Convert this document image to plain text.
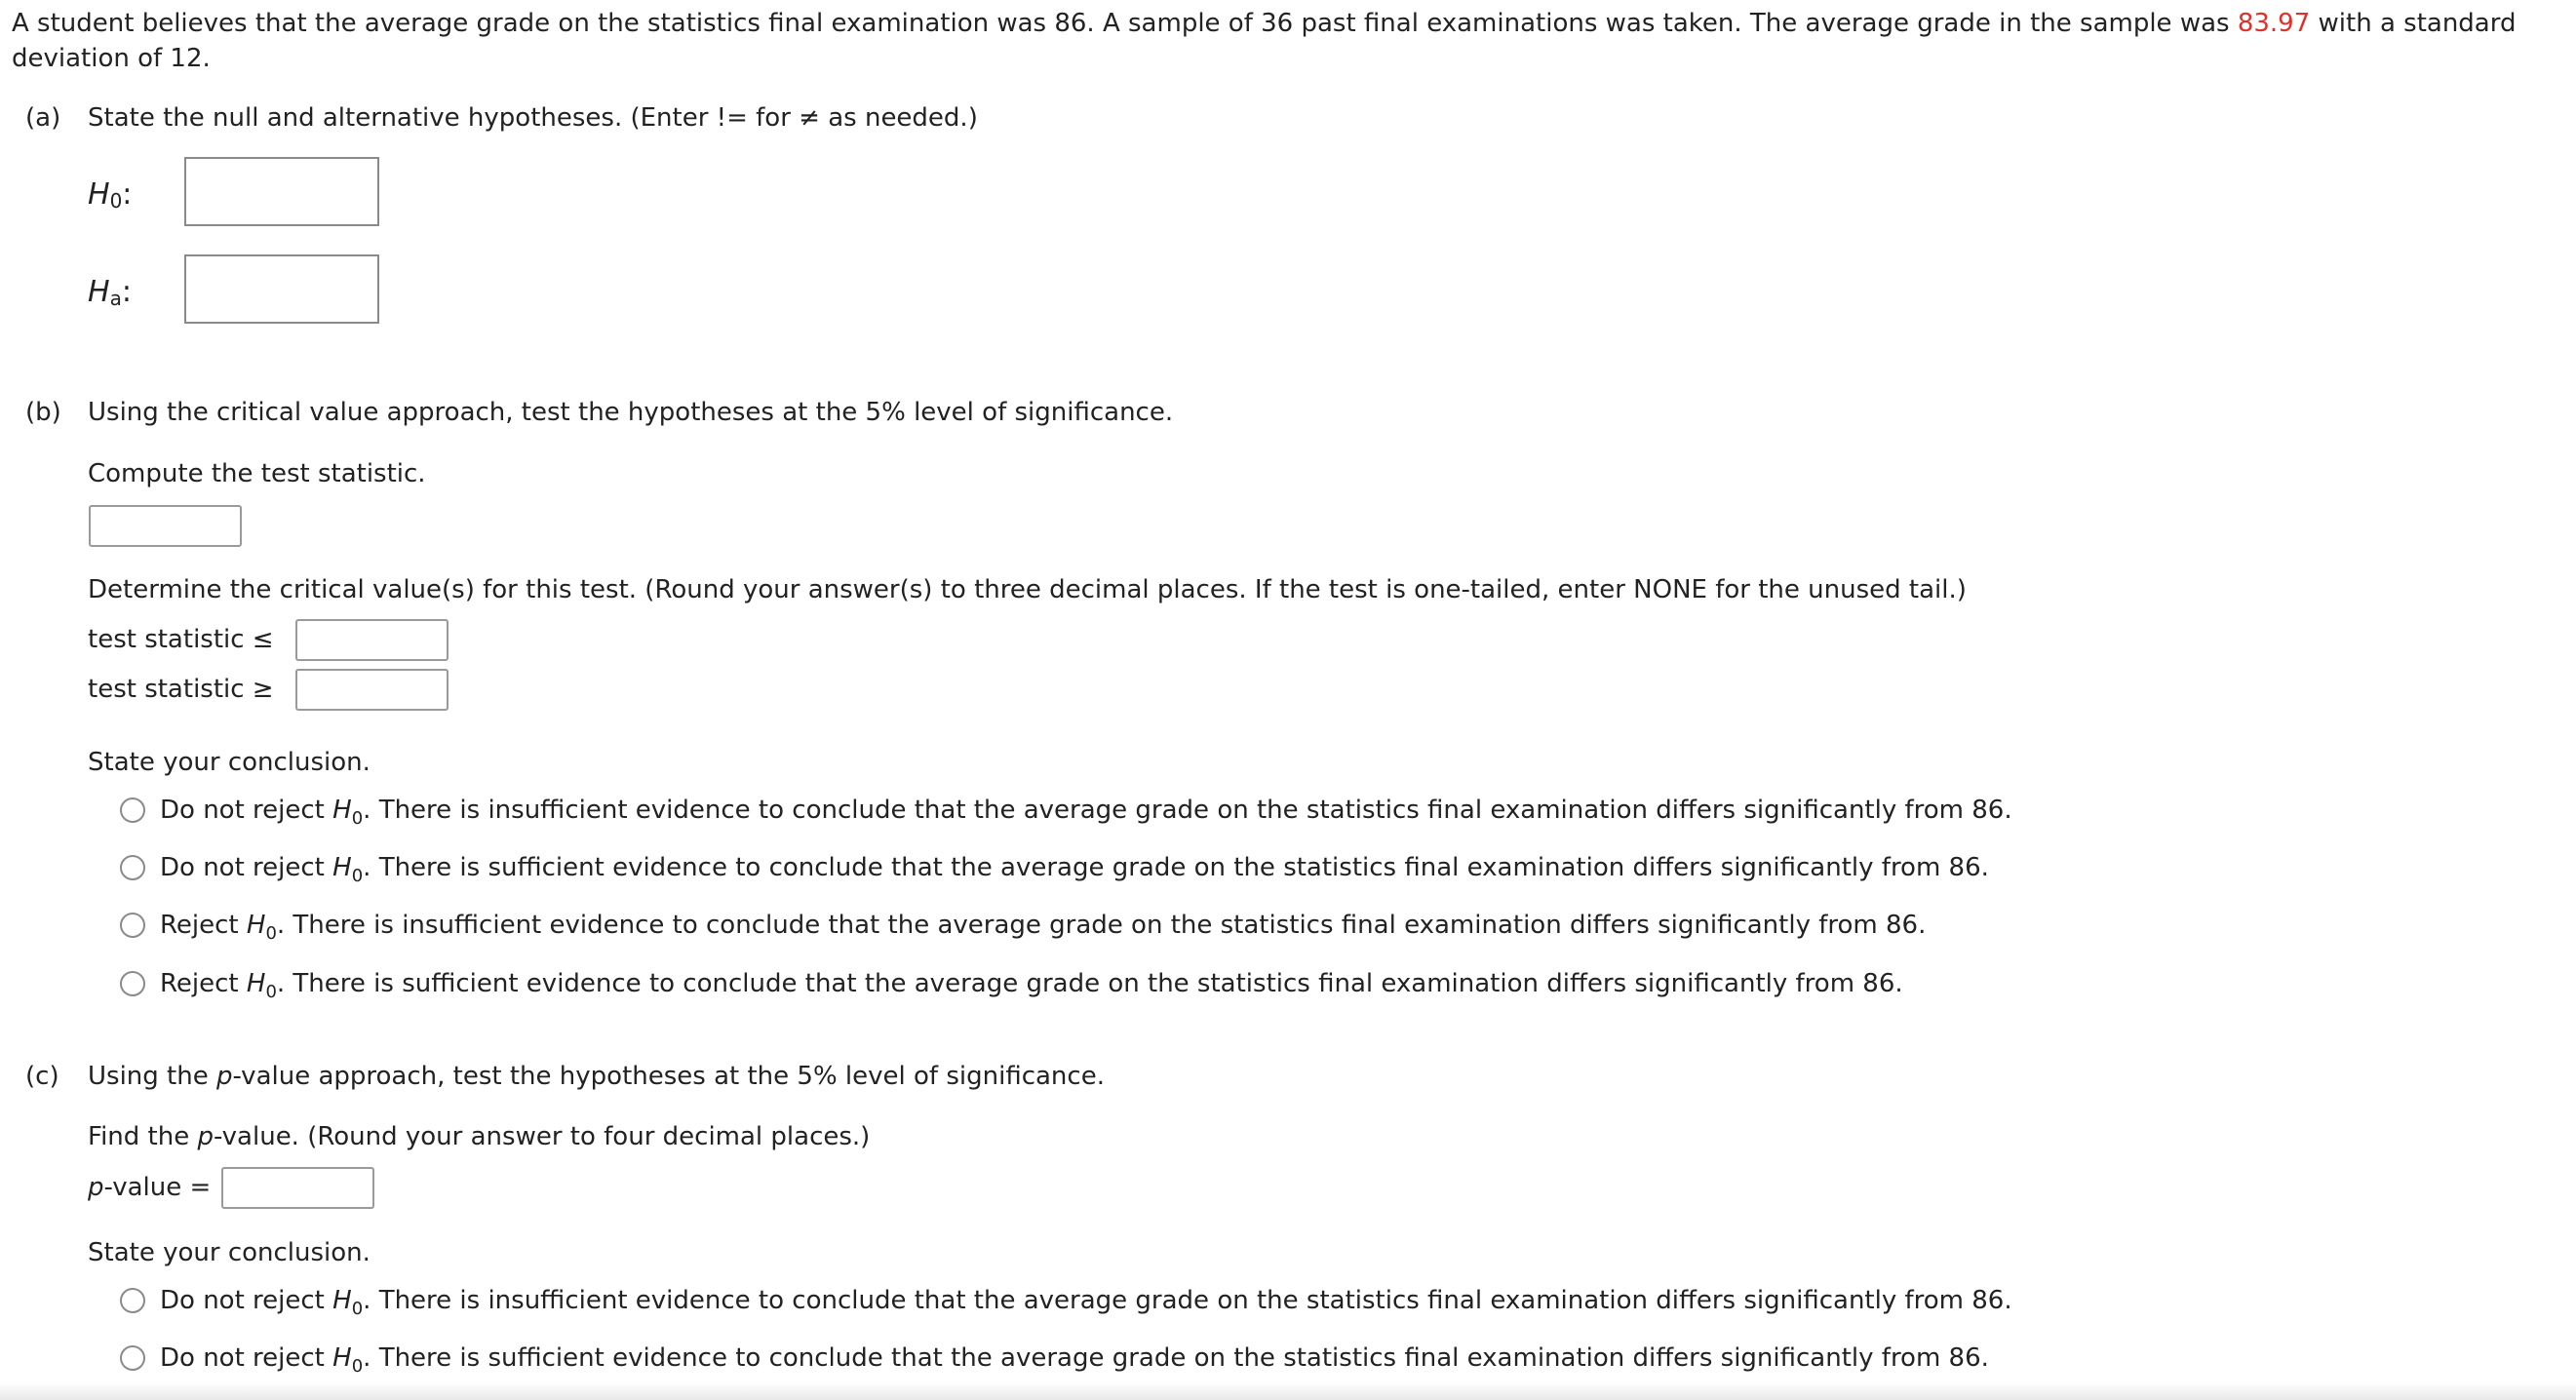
A student believes that the average grade on the statistics final examination was 86. A sample of 36 past final examinations was taken. The average grade in the sample was 83.97 with a standard deviation of 12.
(a) State the null and alternative hypotheses. (Enter != for ≠ as needed.)
$H_0$:
$H_a$:
(b) Using the critical value approach, test the hypotheses at the 5% level of significance.
Compute the test statistic.
Determine the critical value(s) for this test. (Round your answer(s) to three decimal places. If the test is one-tailed, enter NONE for the unused tail.)
test statistic ≤
test statistic ≥
State your conclusion.
Do not reject $H_0$. There is insufficient evidence to conclude that the average grade on the statistics final examination differs significantly from 86.
Do not reject $H_0$. There is sufficient evidence to conclude that the average grade on the statistics final examination differs significantly from 86.
Reject $H_0$. There is insufficient evidence to conclude that the average grade on the statistics final examination differs significantly from 86.
Reject $H_0$. There is sufficient evidence to conclude that the average grade on the statistics final examination differs significantly from 86.
(c) Using the p-value approach, test the hypotheses at the 5% level of significance.
Find the p-value. (Round your answer to four decimal places.)
p-value =
State your conclusion.
Do not reject $H_0$. There is insufficient evidence to conclude that the average grade on the statistics final examination differs significantly from 86.
Do not reject $H_0$. There is sufficient evidence to conclude that the average grade on the statistics final examination differs significantly from 86.
